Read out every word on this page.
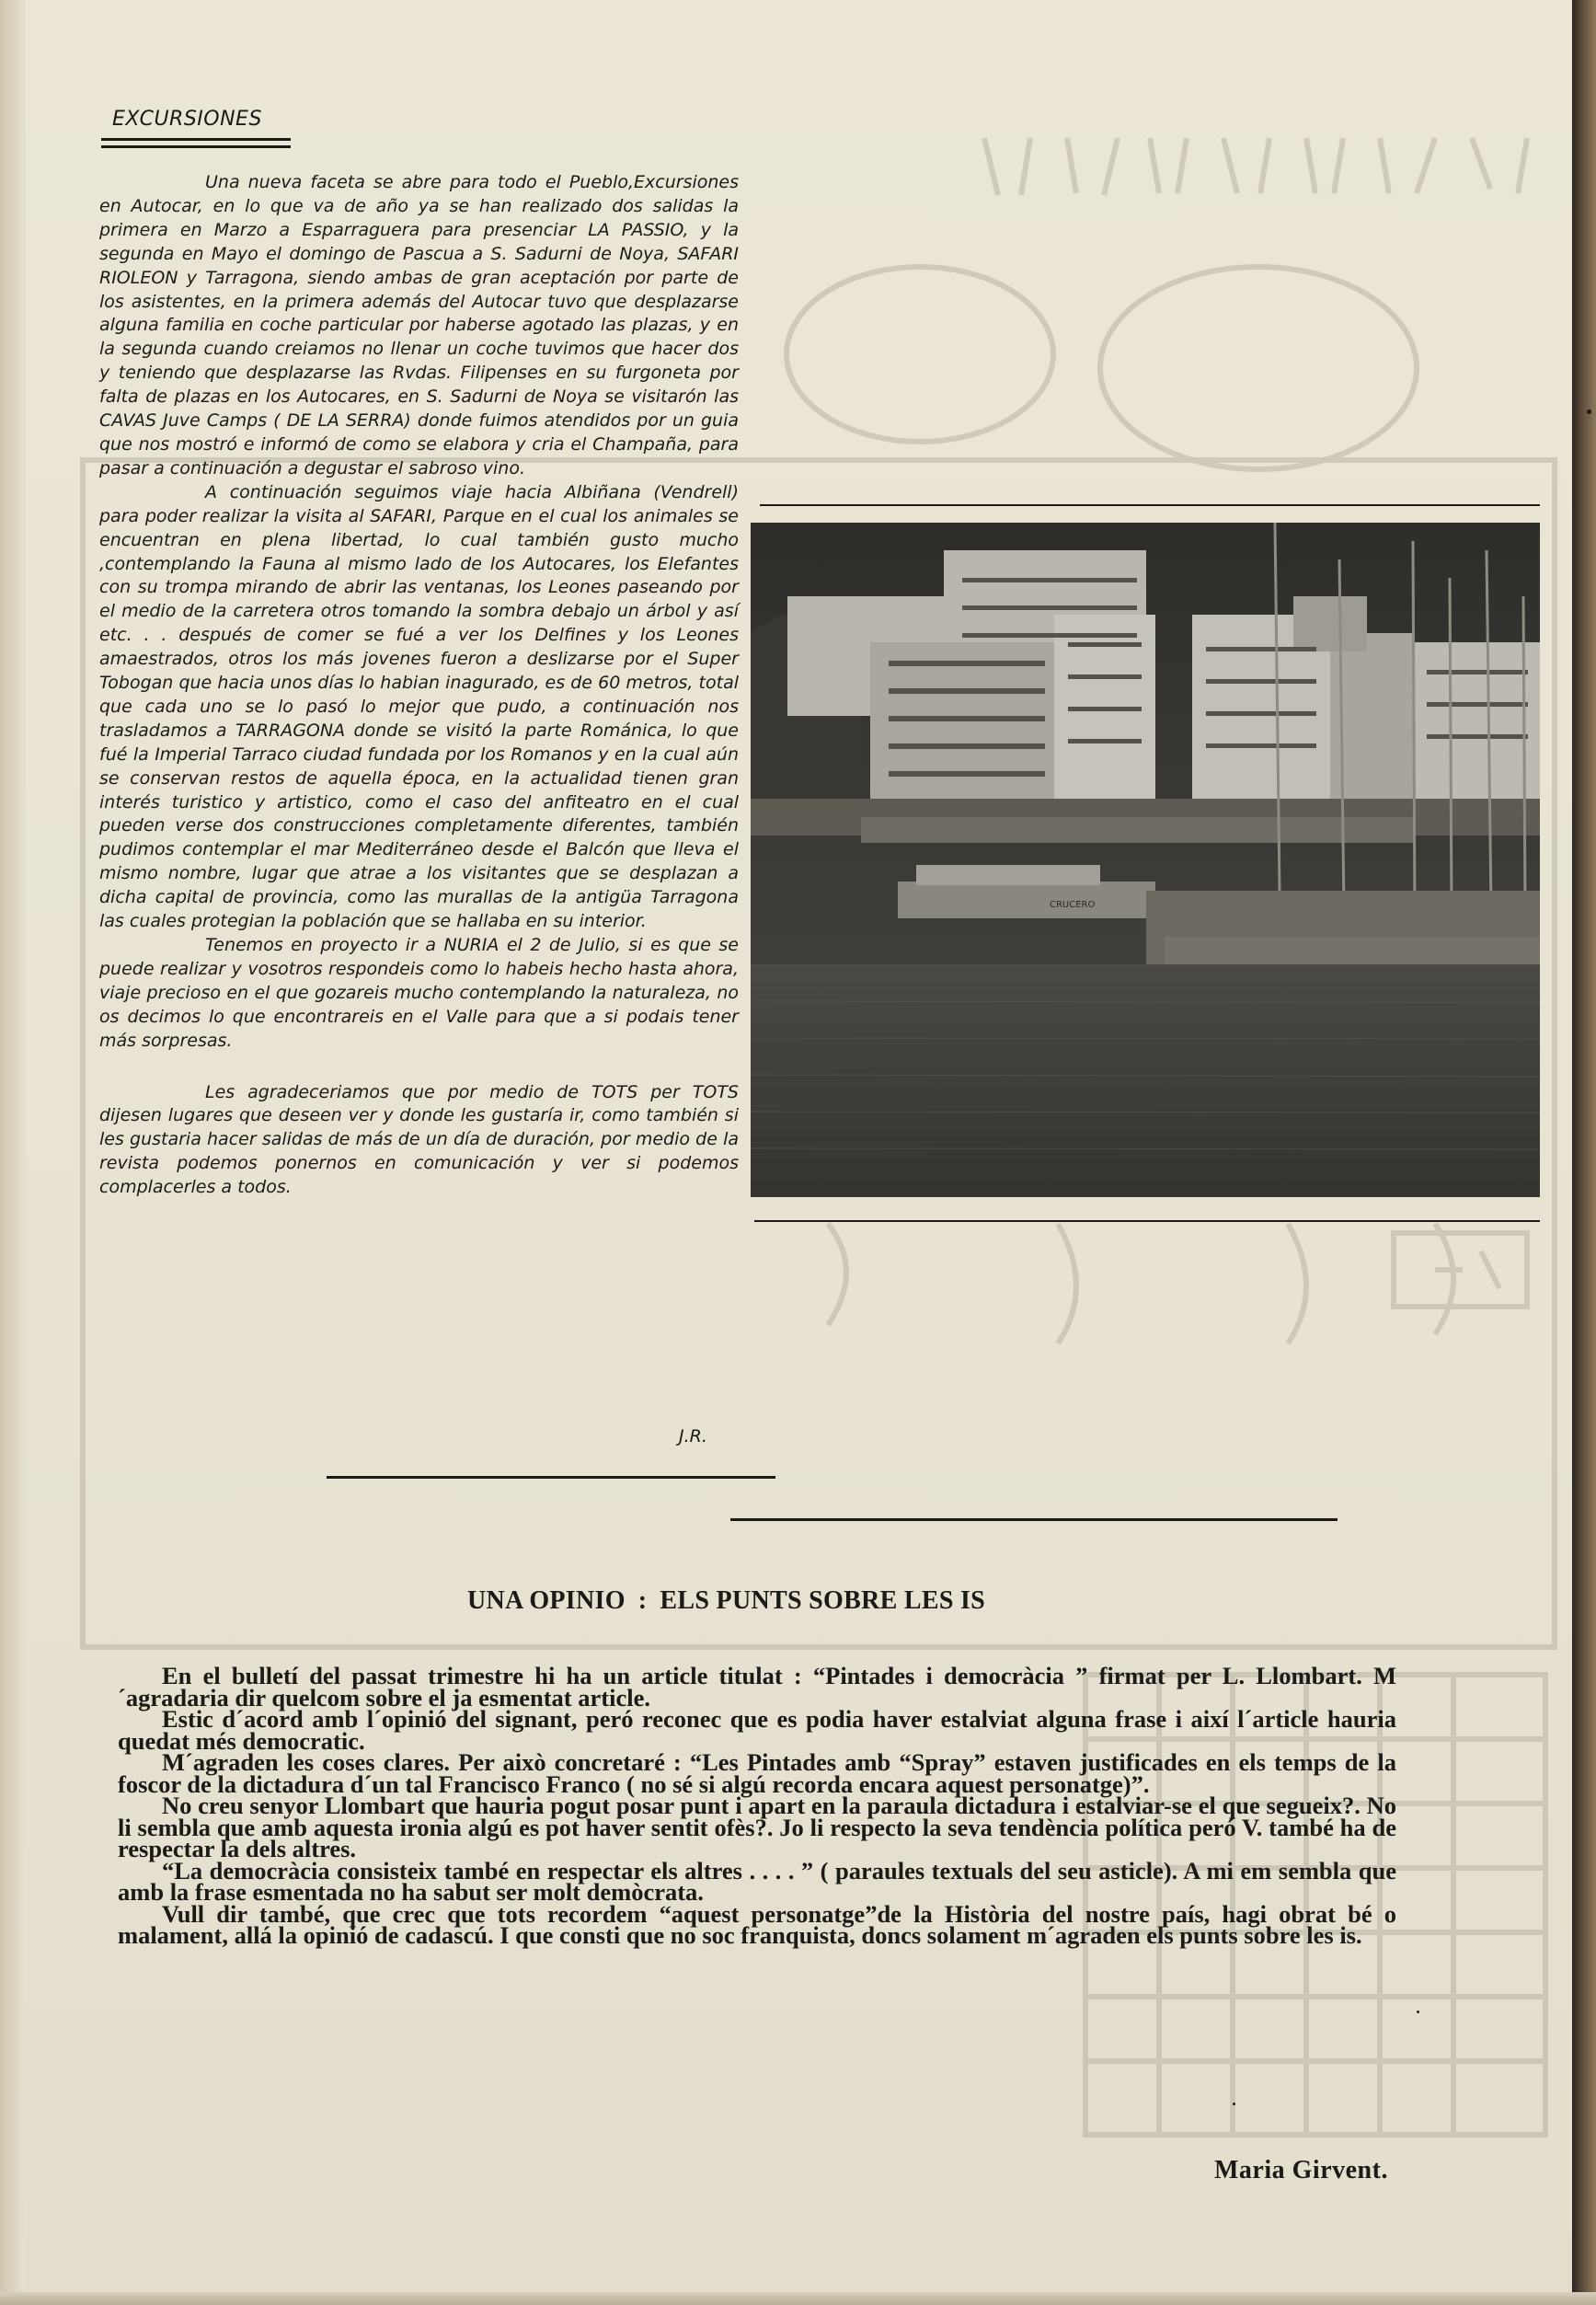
EXCURSIONES

Una nueva faceta se abre para todo el Pueblo,Excursiones en Autocar, en lo que va de año ya se han realizado dos salidas la primera en Marzo a Esparraguera para presenciar LA PASSIO, y la segunda en Mayo el domingo de Pascua a S. Sadurni de Noya, SAFARI RIOLEON y Tarragona, siendo ambas de gran aceptación por parte de los asistentes, en la primera además del Autocar tuvo que desplazarse alguna familia en coche particular por haberse agotado las plazas, y en la segunda cuando creiamos no llenar un coche tuvimos que hacer dos y teniendo que desplazarse las Rvdas. Filipenses en su furgoneta por falta de plazas en los Autocares, en S. Sadurni de Noya se visitarón las CAVAS Juve Camps ( DE LA SERRA) donde fuimos atendidos por un guia que nos mostró e informó de como se elabora y cria el Champaña, para pasar a continuación a degustar el sabroso vino.

A continuación seguimos viaje hacia Albiñana (Vendrell) para poder realizar la visita al SAFARI, Parque en el cual los animales se encuentran en plena libertad, lo cual también gusto mucho ,contemplando la Fauna al mismo lado de los Autocares, los Elefantes con su trompa mirando de abrir las ventanas, los Leones paseando por el medio de la carretera otros tomando la sombra debajo un árbol y así etc. . . después de comer se fué a ver los Delfines y los Leones amaestrados, otros los más jovenes fueron a deslizarse por el Super Tobogan que hacia unos días lo habian inagurado, es de 60 metros, total que cada uno se lo pasó lo mejor que pudo, a continuación nos trasladamos a TARRAGONA donde se visitó la parte Románica, lo que fué la Imperial Tarraco ciudad fundada por los Romanos y en la cual aún se conservan restos de aquella época, en la actualidad tienen gran interés turistico y artistico, como el caso del anfiteatro en el cual pueden verse dos construcciones completamente diferentes, también pudimos contemplar el mar Mediterráneo desde el Balcón que lleva el mismo nombre, lugar que atrae a los visitantes que se desplazan a dicha capital de provincia, como las murallas de la antigüa Tarragona las cuales protegian la población que se hallaba en su interior.

Tenemos en proyecto ir a NURIA el 2 de Julio, si es que se puede realizar y vosotros respondeis como lo habeis hecho hasta ahora, viaje precioso en el que gozareis mucho contemplando la naturaleza, no os decimos lo que encontrareis en el Valle para que a si podais tener más sorpresas.

Les agradeceriamos que por medio de TOTS per TOTS dijesen lugares que deseen ver y donde les gustaría ir, como también si les gustaria hacer salidas de más de un día de duración, por medio de la revista podemos ponernos en comunicación y ver si podemos complacerles a todos.

J.R.
CRUCERO
UNA OPINIO : ELS PUNTS SOBRE LES IS

En el bulletí del passat trimestre hi ha un article titulat : “Pintades i democràcia ” firmat per L. Llombart. M´agradaria dir quelcom sobre el ja esmentat article.

Estic d´acord amb l´opinió del signant, peró reconec que es podia haver estalviat alguna frase i així l´article hauria quedat més democratic.

M´agraden les coses clares. Per això concretaré : “Les Pintades amb “Spray” estaven justificades en els temps de la foscor de la dictadura d´un tal Francisco Franco ( no sé si algú recorda encara aquest personatge)”.

No creu senyor Llombart que hauria pogut posar punt i apart en la paraula dictadura i estalviar-se el que segueix?. No li sembla que amb aquesta ironia algú es pot haver sentit ofès?. Jo li respecto la seva tendència política peró V. també ha de respectar la dels altres.

“La democràcia consisteix també en respectar els altres . . . . ” ( paraules textuals del seu asticle). A mi em sembla que amb la frase esmentada no ha sabut ser molt demòcrata.

Vull dir també, que crec que tots recordem “aquest personatge”de la Història del nostre país, hagi obrat bé o malament, allá la opinió de cadascú. I que consti que no soc franquista, doncs solament m´agraden els punts sobre les is.

Maria Girvent.
